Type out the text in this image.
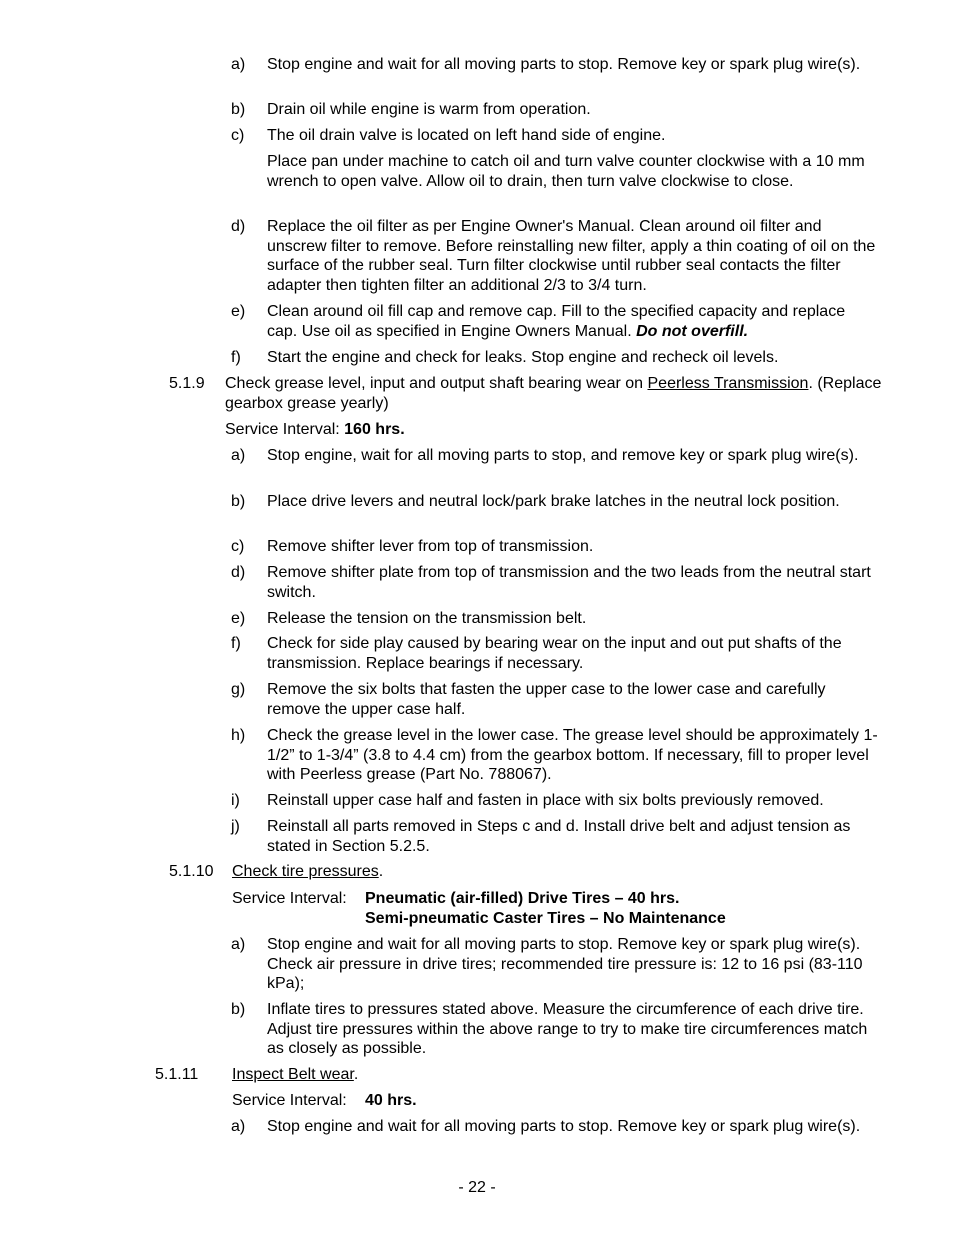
a) Stop engine and wait for all moving parts to stop. Remove key or spark plug wire(s).
b) Drain oil while engine is warm from operation.
c) The oil drain valve is located on left hand side of engine.
Place pan under machine to catch oil and turn valve counter clockwise with a 10 mm wrench to open valve. Allow oil to drain, then turn valve clockwise to close.
d) Replace the oil filter as per Engine Owner's Manual. Clean around oil filter and unscrew filter to remove. Before reinstalling new filter, apply a thin coating of oil on the surface of the rubber seal. Turn filter clockwise until rubber seal contacts the filter adapter then tighten filter an additional 2/3 to 3/4 turn.
e) Clean around oil fill cap and remove cap. Fill to the specified capacity and replace cap. Use oil as specified in Engine Owners Manual. Do not overfill.
f) Start the engine and check for leaks. Stop engine and recheck oil levels.
5.1.9 Check grease level, input and output shaft bearing wear on Peerless Transmission. (Replace gearbox grease yearly)
Service Interval: 160 hrs.
a) Stop engine, wait for all moving parts to stop, and remove key or spark plug wire(s).
b) Place drive levers and neutral lock/park brake latches in the neutral lock position.
c) Remove shifter lever from top of transmission.
d) Remove shifter plate from top of transmission and the two leads from the neutral start switch.
e) Release the tension on the transmission belt.
f) Check for side play caused by bearing wear on the input and out put shafts of the transmission. Replace bearings if necessary.
g) Remove the six bolts that fasten the upper case to the lower case and carefully remove the upper case half.
h) Check the grease level in the lower case. The grease level should be approximately 1-1/2” to 1-3/4” (3.8 to 4.4 cm) from the gearbox bottom. If necessary, fill to proper level with Peerless grease (Part No. 788067).
i) Reinstall upper case half and fasten in place with six bolts previously removed.
j) Reinstall all parts removed in Steps c and d. Install drive belt and adjust tension as stated in Section 5.2.5.
5.1.10 Check tire pressures.
Service Interval: Pneumatic (air-filled) Drive Tires – 40 hrs.
Semi-pneumatic Caster Tires – No Maintenance
a) Stop engine and wait for all moving parts to stop. Remove key or spark plug wire(s). Check air pressure in drive tires; recommended tire pressure is: 12 to 16 psi (83-110 kPa);
b) Inflate tires to pressures stated above. Measure the circumference of each drive tire. Adjust tire pressures within the above range to try to make tire circumferences match as closely as possible.
5.1.11 Inspect Belt wear.
Service Interval: 40 hrs.
a) Stop engine and wait for all moving parts to stop. Remove key or spark plug wire(s).
- 22 -
